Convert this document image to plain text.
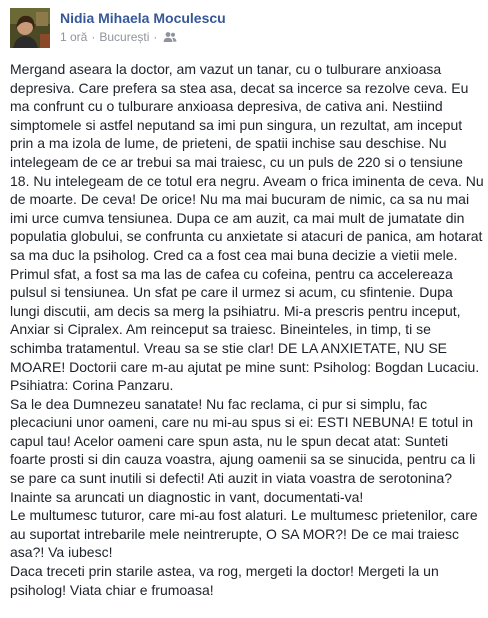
Nidia Mihaela Moculescu
1 oră · București ·
Mergand aseara la doctor, am vazut un tanar, cu o tulburare anxioasa
depresiva. Care prefera sa stea asa, decat sa incerce sa rezolve ceva. Eu
ma confrunt cu o tulburare anxioasa depresiva, de cativa ani. Nestiind
simptomele si astfel neputand sa imi pun singura, un rezultat, am inceput
prin a ma izola de lume, de prieteni, de spatii inchise sau deschise. Nu
intelegeam de ce ar trebui sa mai traiesc, cu un puls de 220 si o tensiune
18. Nu intelegeam de ce totul era negru. Aveam o frica iminenta de ceva. Nu
de moarte. De ceva! De orice! Nu ma mai bucuram de nimic, ca sa nu mai
imi urce cumva tensiunea. Dupa ce am auzit, ca mai mult de jumatate din
populatia globului, se confrunta cu anxietate si atacuri de panica, am hotarat
sa ma duc la psiholog. Cred ca a fost cea mai buna decizie a vietii mele.
Primul sfat, a fost sa ma las de cafea cu cofeina, pentru ca accelereaza
pulsul si tensiunea. Un sfat pe care il urmez si acum, cu sfintenie. Dupa
lungi discutii, am decis sa merg la psihiatru. Mi-a prescris pentru inceput,
Anxiar si Cipralex. Am reinceput sa traiesc. Bineinteles, in timp, ti se
schimba tratamentul. Vreau sa se stie clar! DE LA ANXIETATE, NU SE
MOARE! Doctorii care m-au ajutat pe mine sunt: Psiholog: Bogdan Lucaciu.
Psihiatra: Corina Panzaru.
Sa le dea Dumnezeu sanatate! Nu fac reclama, ci pur si simplu, fac
plecaciuni unor oameni, care nu mi-au spus si ei: ESTI NEBUNA! E totul in
capul tau! Acelor oameni care spun asta, nu le spun decat atat: Sunteti
foarte prosti si din cauza voastra, ajung oamenii sa se sinucida, pentru ca li
se pare ca sunt inutili si defecti! Ati auzit in viata voastra de serotonina?
Inainte sa aruncati un diagnostic in vant, documentati-va!
Le multumesc tuturor, care mi-au fost alaturi. Le multumesc prietenilor, care
au suportat intrebarile mele neintrerupte, O SA MOR?! De ce mai traiesc
asa?! Va iubesc!
Daca treceti prin starile astea, va rog, mergeti la doctor! Mergeti la un
psiholog! Viata chiar e frumoasa!
